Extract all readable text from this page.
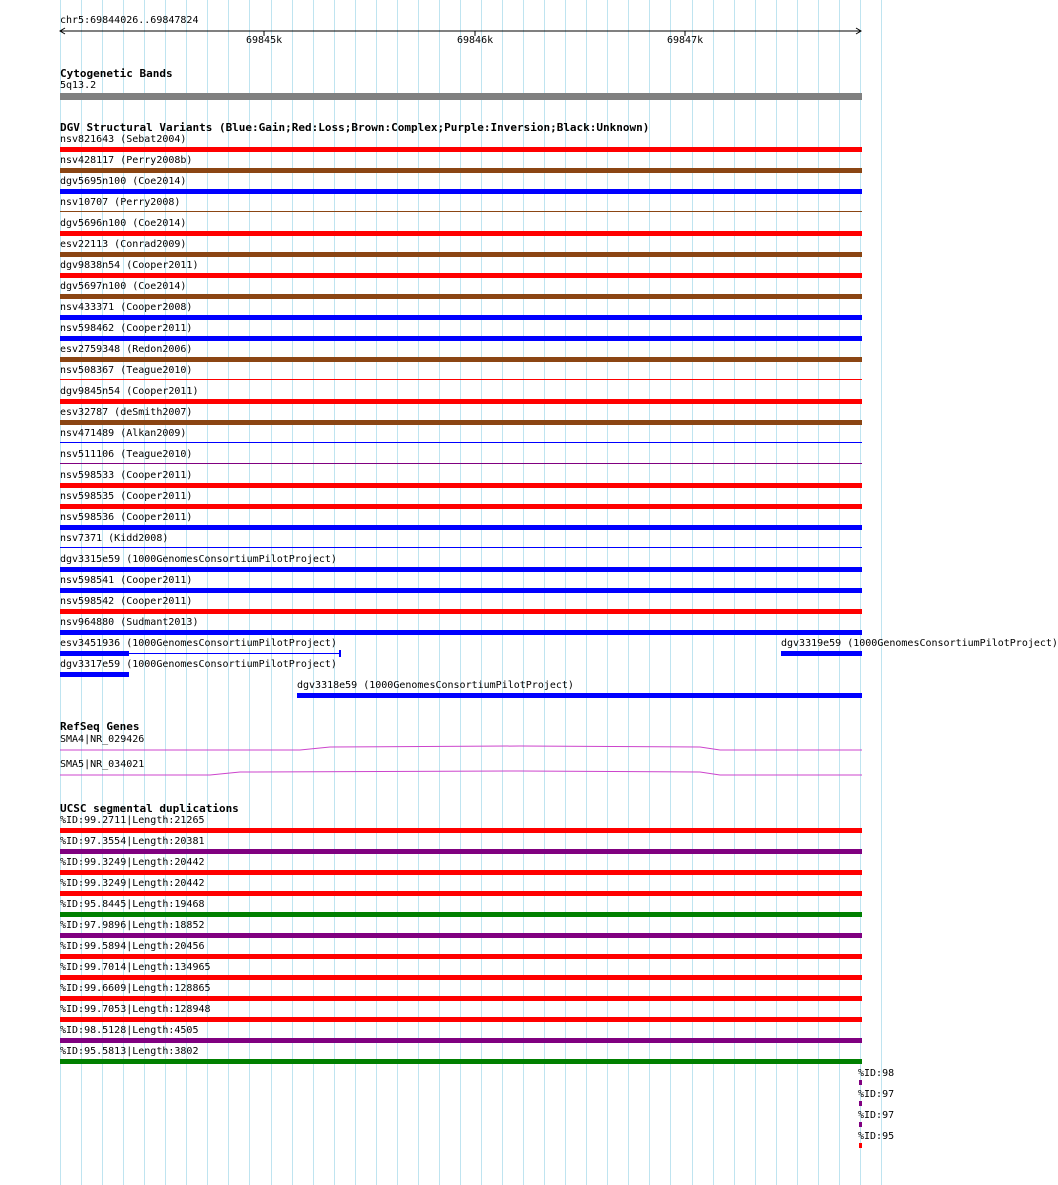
chr5:69844026..69847824
69845k	69846k	69847k
Cytogenetic Bands
5q13.2
DGV Structural Variants (Blue:Gain;Red:Loss;Brown:Complex;Purple:Inversion;Black:Unknown)
nsv821643 (Sebat2004)
nsv428117 (Perry2008b)
dgv5695n100 (Coe2014)
nsv10707 (Perry2008)
dgv5696n100 (Coe2014)
esv22113 (Conrad2009)
dgv9838n54 (Cooper2011)
dgv5697n100 (Coe2014)
nsv433371 (Cooper2008)
nsv598462 (Cooper2011)
esv2759348 (Redon2006)
nsv508367 (Teague2010)
dgv9845n54 (Cooper2011)
esv32787 (deSmith2007)
nsv471489 (Alkan2009)
nsv511106 (Teague2010)
nsv598533 (Cooper2011)
nsv598535 (Cooper2011)
nsv598536 (Cooper2011)
nsv7371 (Kidd2008)
dgv3315e59 (1000GenomesConsortiumPilotProject)
nsv598541 (Cooper2011)
nsv598542 (Cooper2011)
nsv964880 (Sudmant2013)
esv3451936 (1000GenomesConsortiumPilotProject)	dgv3319e59 (1000GenomesConsortiumPilotProject)
dgv3317e59 (1000GenomesConsortiumPilotProject)
dgv3318e59 (1000GenomesConsortiumPilotProject)
RefSeq Genes
SMA4|NR_029426
SMA5|NR_034021
UCSC segmental duplications
%ID:99.2711|Length:21265
%ID:97.3554|Length:20381
%ID:99.3249|Length:20442
%ID:99.3249|Length:20442
%ID:95.8445|Length:19468
%ID:97.9896|Length:18852
%ID:99.5894|Length:20456
%ID:99.7014|Length:134965
%ID:99.6609|Length:128865
%ID:99.7053|Length:128948
%ID:98.5128|Length:4505
%ID:95.5813|Length:3802
%ID:98
%ID:97
%ID:97
%ID:95
